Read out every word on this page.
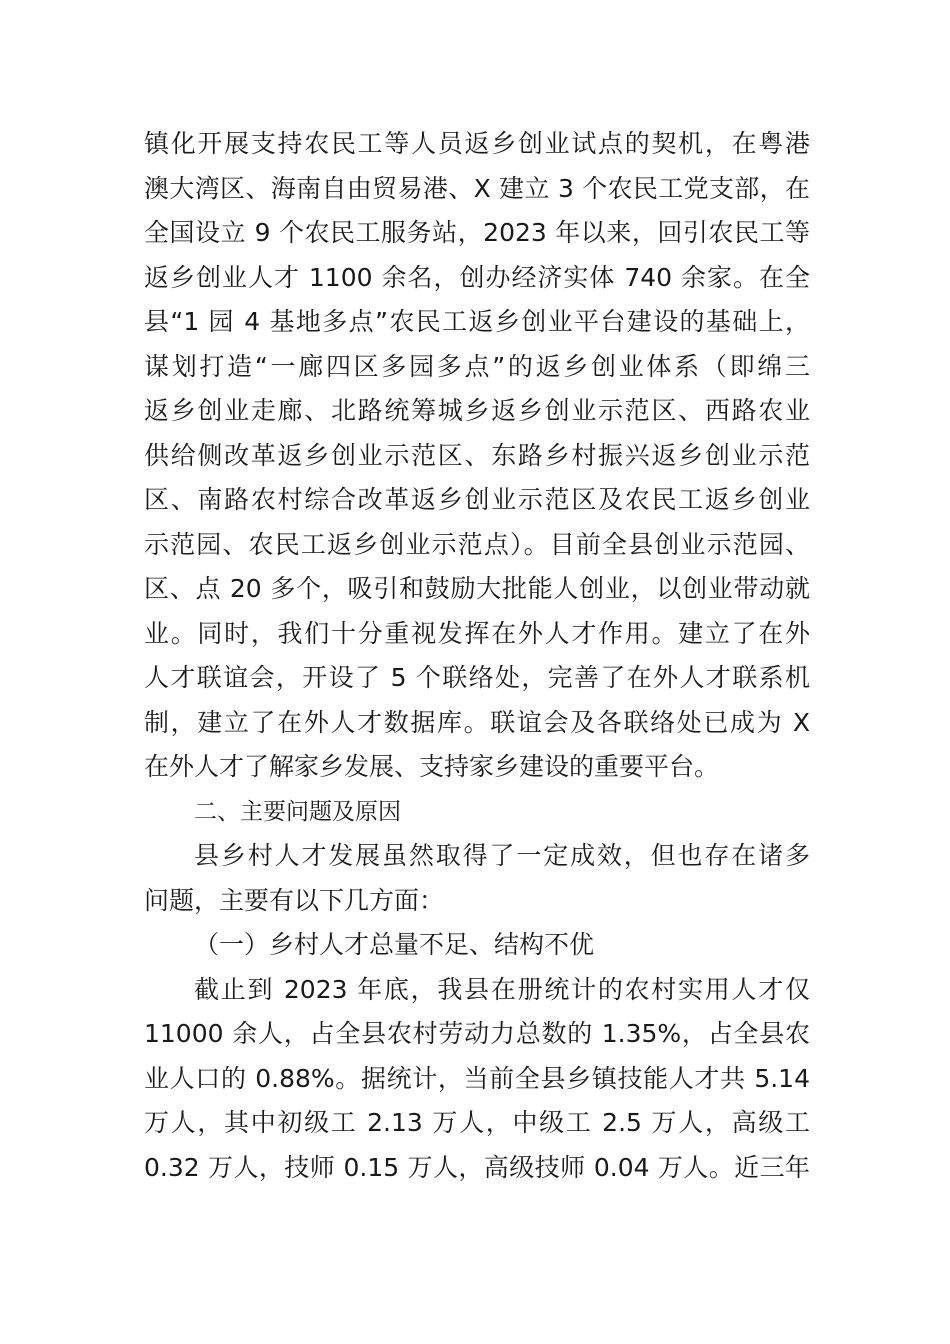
镇化开展支持农民工等人员返乡创业试点的契机，在粤港
澳大湾区、海南自由贸易港、X 建立 3 个农民工党支部，在
全国设立 9 个农民工服务站，2023 年以来，回引农民工等
返乡创业人才 1100 余名，创办经济实体 740 余家。在全
县“1 园 4 基地多点”农民工返乡创业平台建设的基础上，
谋划打造“一廊四区多园多点”的返乡创业体系（即绵三
返乡创业走廊、北路统筹城乡返乡创业示范区、西路农业
供给侧改革返乡创业示范区、东路乡村振兴返乡创业示范
区、南路农村综合改革返乡创业示范区及农民工返乡创业
示范园、农民工返乡创业示范点）。目前全县创业示范园、
区、点 20 多个，吸引和鼓励大批能人创业，以创业带动就
业。同时，我们十分重视发挥在外人才作用。建立了在外
人才联谊会，开设了 5 个联络处，完善了在外人才联系机
制，建立了在外人才数据库。联谊会及各联络处已成为 X
在外人才了解家乡发展、支持家乡建设的重要平台。
二、主要问题及原因
县乡村人才发展虽然取得了一定成效，但也存在诸多
问题，主要有以下几方面：
（一）乡村人才总量不足、结构不优
截止到 2023 年底，我县在册统计的农村实用人才仅
11000 余人，占全县农村劳动力总数的 1.35%，占全县农
业人口的 0.88%。据统计，当前全县乡镇技能人才共 5.14
万人，其中初级工 2.13 万人，中级工 2.5 万人，高级工
0.32 万人，技师 0.15 万人，高级技师 0.04 万人。近三年
